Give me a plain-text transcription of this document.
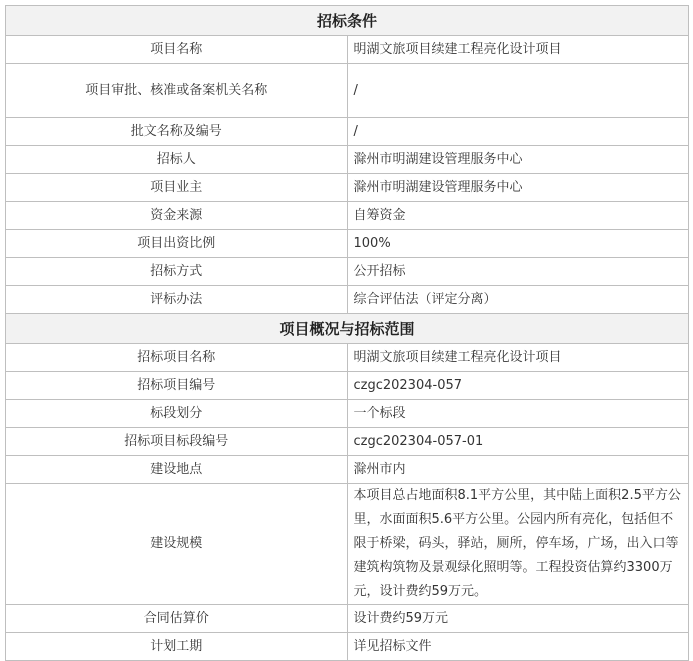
招标条件	
项目名称	明湖文旅项目续建工程亮化设计项目

项目审批、核准或备案机关名称	/
批文名称及编号	/
招标人	滁州市明湖建设管理服务中心
项目业主	滁州市明湖建设管理服务中心
资金来源	自筹资金
项目出资比例	100%
招标方式	公开招标
评标办法	综合评估法（评定分离）
项目概况与招标范围	
招标项目名称	明湖文旅项目续建工程亮化设计项目
招标项目编号	czgc202304-057
标段划分	一个标段
招标项目标段编号	czgc202304-057-01
建设地点	滁州市内
建设规模	本项目总占地面积8.1平方公里，其中陆上面积2.5平方公里，水面面积5.6平方公里。公园内所有亮化，包括但不限于桥梁，码头，驿站，厕所，停车场，广场，出入口等建筑构筑物及景观绿化照明等。工程投资估算约3300万元，设计费约59万元。

合同估算价	设计费约59万元
计划工期	详见招标文件
